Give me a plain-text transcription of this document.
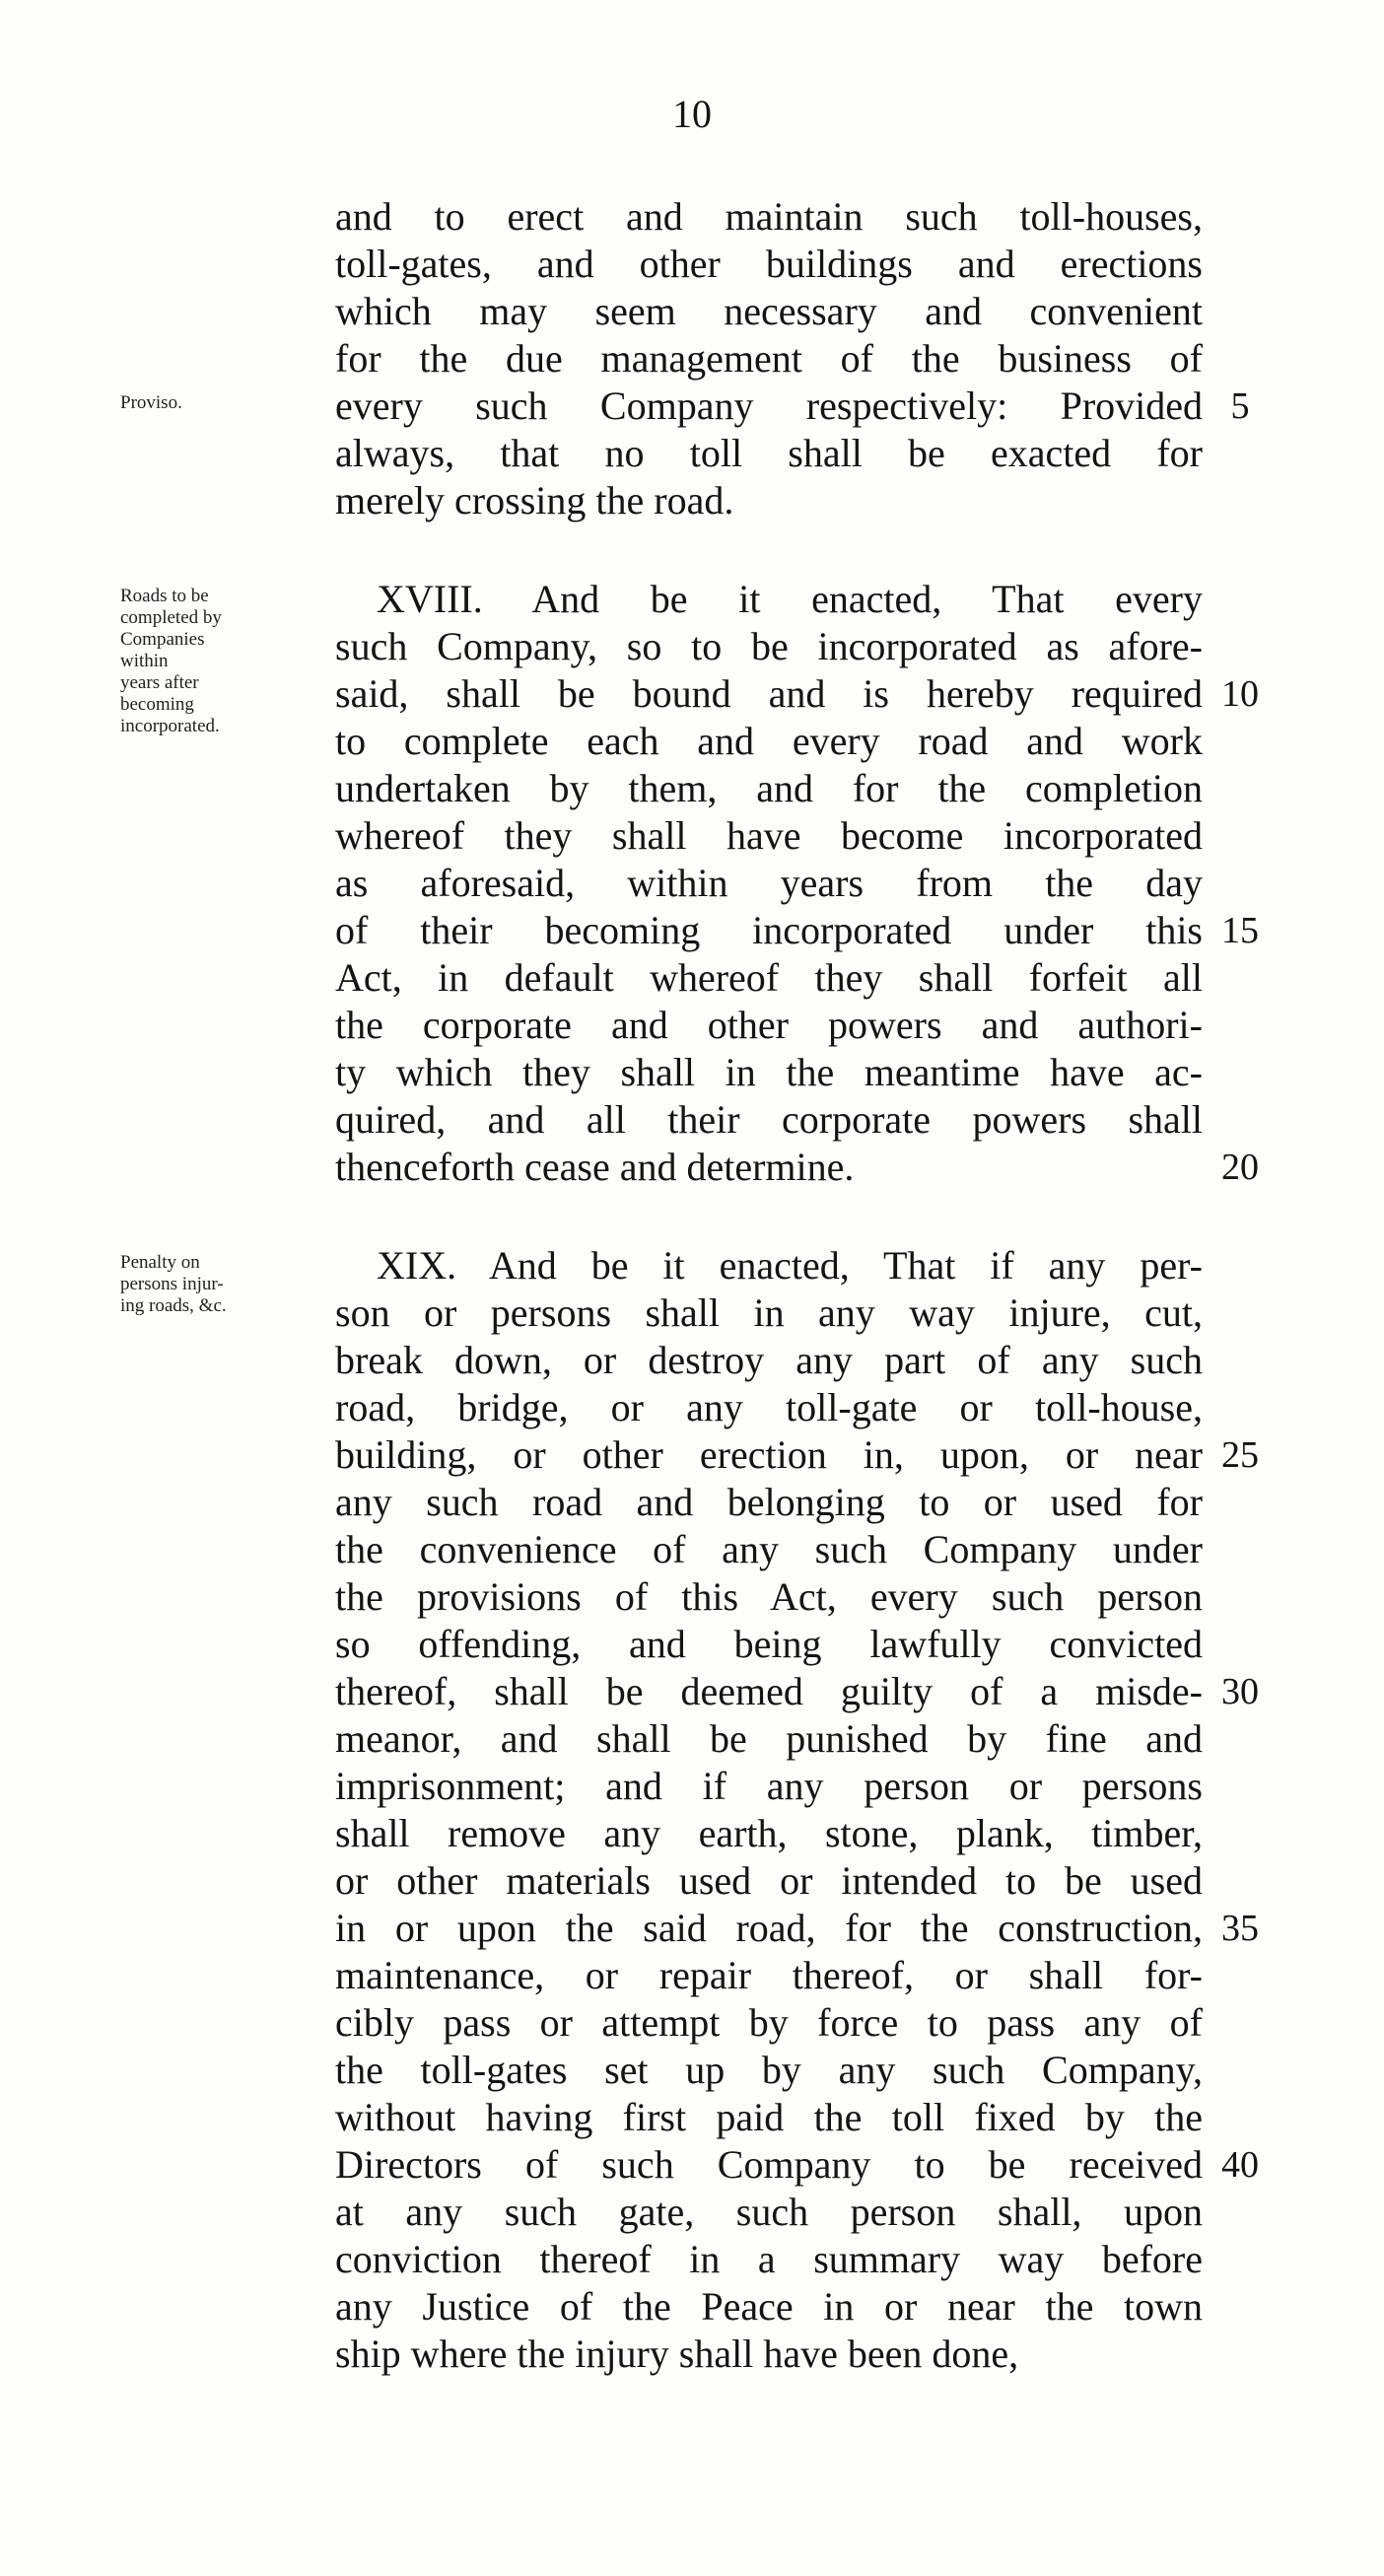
10
Proviso.
and to erect and maintain such toll-houses,
toll-gates, and other buildings and erections
which may seem necessary and convenient
for the due management of the business of
every such Company respectively: Provided 5
always, that no toll shall be exacted for
merely crossing the road.
Roads to be
completed by
Companies
within
years after
becoming
incorporated.
XVIII. And be it enacted, That every
such Company, so to be incorporated as afore-
said, shall be bound and is hereby required 10
to complete each and every road and work
undertaken by them, and for the completion
whereof they shall have become incorporated
as aforesaid, within years from the day
of their becoming incorporated under this 15
Act, in default whereof they shall forfeit all
the corporate and other powers and authori-
ty which they shall in the meantime have ac-
quired, and all their corporate powers shall
thenceforth cease and determine.	20
Penalty on
persons injur-
ing roads, &c.
XIX. And be it enacted, That if any per-
son or persons shall in any way injure, cut,
break down, or destroy any part of any such
road, bridge, or any toll-gate or toll-house,
building, or other erection in, upon, or near 25
any such road and belonging to or used for
the convenience of any such Company under
the provisions of this Act, every such person
so offending, and being lawfully convicted
thereof, shall be deemed guilty of a misde- 30
meanor, and shall be punished by fine and
imprisonment; and if any person or persons
shall remove any earth, stone, plank, timber,
or other materials used or intended to be used
in or upon the said road, for the construction, 35
maintenance, or repair thereof, or shall for-
cibly pass or attempt by force to pass any of
the toll-gates set up by any such Company,
without having first paid the toll fixed by the
Directors of such Company to be received 40
at any such gate, such person shall, upon
conviction thereof in a summary way before
any Justice of the Peace in or near the town
ship where the injury shall have been done,
